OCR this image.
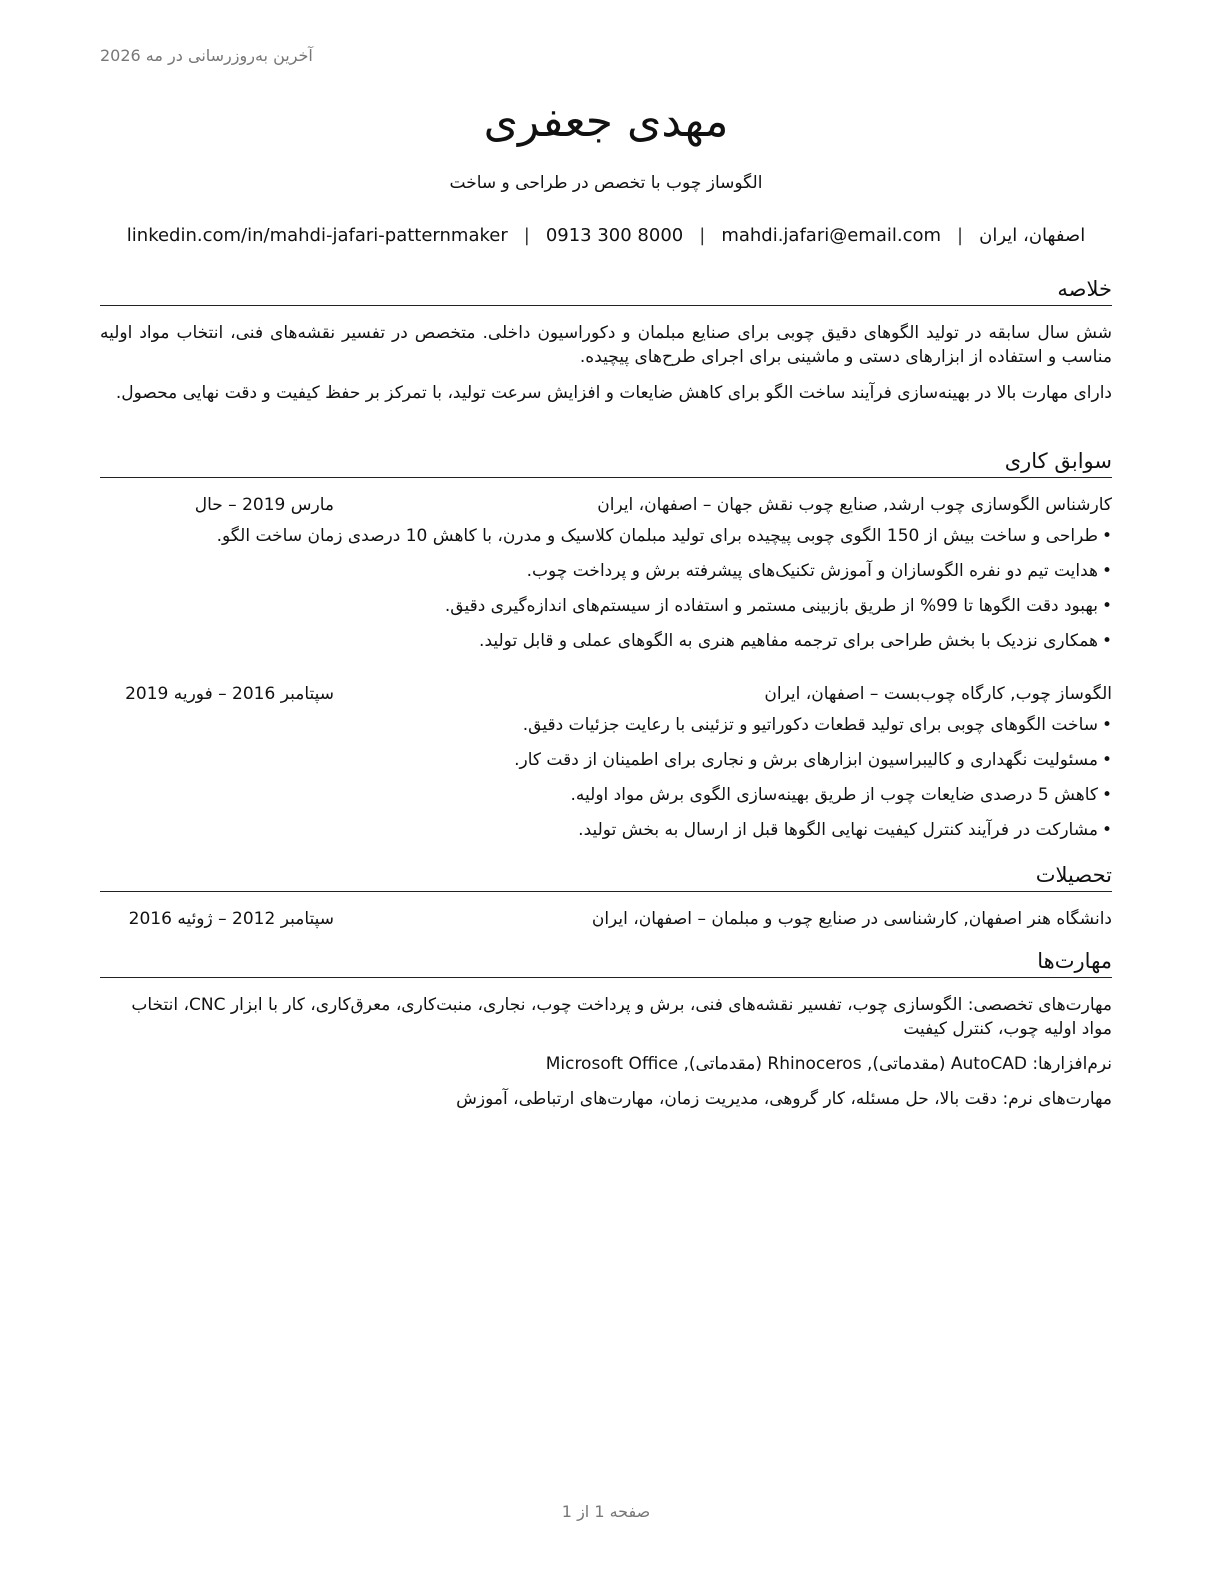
آخرین به‌روزرسانی در مه 2026
مهدی جعفری
الگوساز چوب با تخصص در طراحی و ساخت
اصفهان، ایران
|
mahdi.jafari@email.com
|
0913 300 8000
|
linkedin.com/in/mahdi-jafari-patternmaker
خلاصه
شش سال سابقه در تولید الگوهای دقیق چوبی برای صنایع مبلمان و دکوراسیون داخلی. متخصص در تفسیر نقشه‌های فنی، انتخاب مواد اولیه مناسب و استفاده از ابزارهای دستی و ماشینی برای اجرای طرح‌های پیچیده.
دارای مهارت بالا در بهینه‌سازی فرآیند ساخت الگو برای کاهش ضایعات و افزایش سرعت تولید، با تمرکز بر حفظ کیفیت و دقت نهایی محصول.
سوابق کاری
کارشناس الگوسازی چوب ارشد, صنایع چوب نقش جهان – اصفهان، ایران
مارس 2019 – حال
•طراحی و ساخت بیش از 150 الگوی چوبی پیچیده برای تولید مبلمان کلاسیک و مدرن، با کاهش 10 درصدی زمان ساخت الگو.
•هدایت تیم دو نفره الگوسازان و آموزش تکنیک‌های پیشرفته برش و پرداخت چوب.
•بهبود دقت الگوها تا 99% از طریق بازبینی مستمر و استفاده از سیستم‌های اندازه‌گیری دقیق.
•همکاری نزدیک با بخش طراحی برای ترجمه مفاهیم هنری به الگوهای عملی و قابل تولید.
الگوساز چوب, کارگاه چوب‌بست – اصفهان، ایران
سپتامبر 2016 – فوریه 2019
•ساخت الگوهای چوبی برای تولید قطعات دکوراتیو و تزئینی با رعایت جزئیات دقیق.
•مسئولیت نگهداری و کالیبراسیون ابزارهای برش و نجاری برای اطمینان از دقت کار.
•کاهش 5 درصدی ضایعات چوب از طریق بهینه‌سازی الگوی برش مواد اولیه.
•مشارکت در فرآیند کنترل کیفیت نهایی الگوها قبل از ارسال به بخش تولید.
تحصیلات
دانشگاه هنر اصفهان, کارشناسی در صنایع چوب و مبلمان – اصفهان، ایران
سپتامبر 2012 – ژوئیه 2016
مهارت‌ها
مهارت‌های تخصصی: الگوسازی چوب، تفسیر نقشه‌های فنی، برش و پرداخت چوب، نجاری، منبت‌کاری، معرق‌کاری، کار با ابزار CNC، انتخاب مواد اولیه چوب، کنترل کیفیت
نرم‌افزارها: AutoCAD (مقدماتی), Rhinoceros (مقدماتی), Microsoft Office
مهارت‌های نرم: دقت بالا، حل مسئله، کار گروهی، مدیریت زمان، مهارت‌های ارتباطی، آموزش
صفحه 1 از 1
